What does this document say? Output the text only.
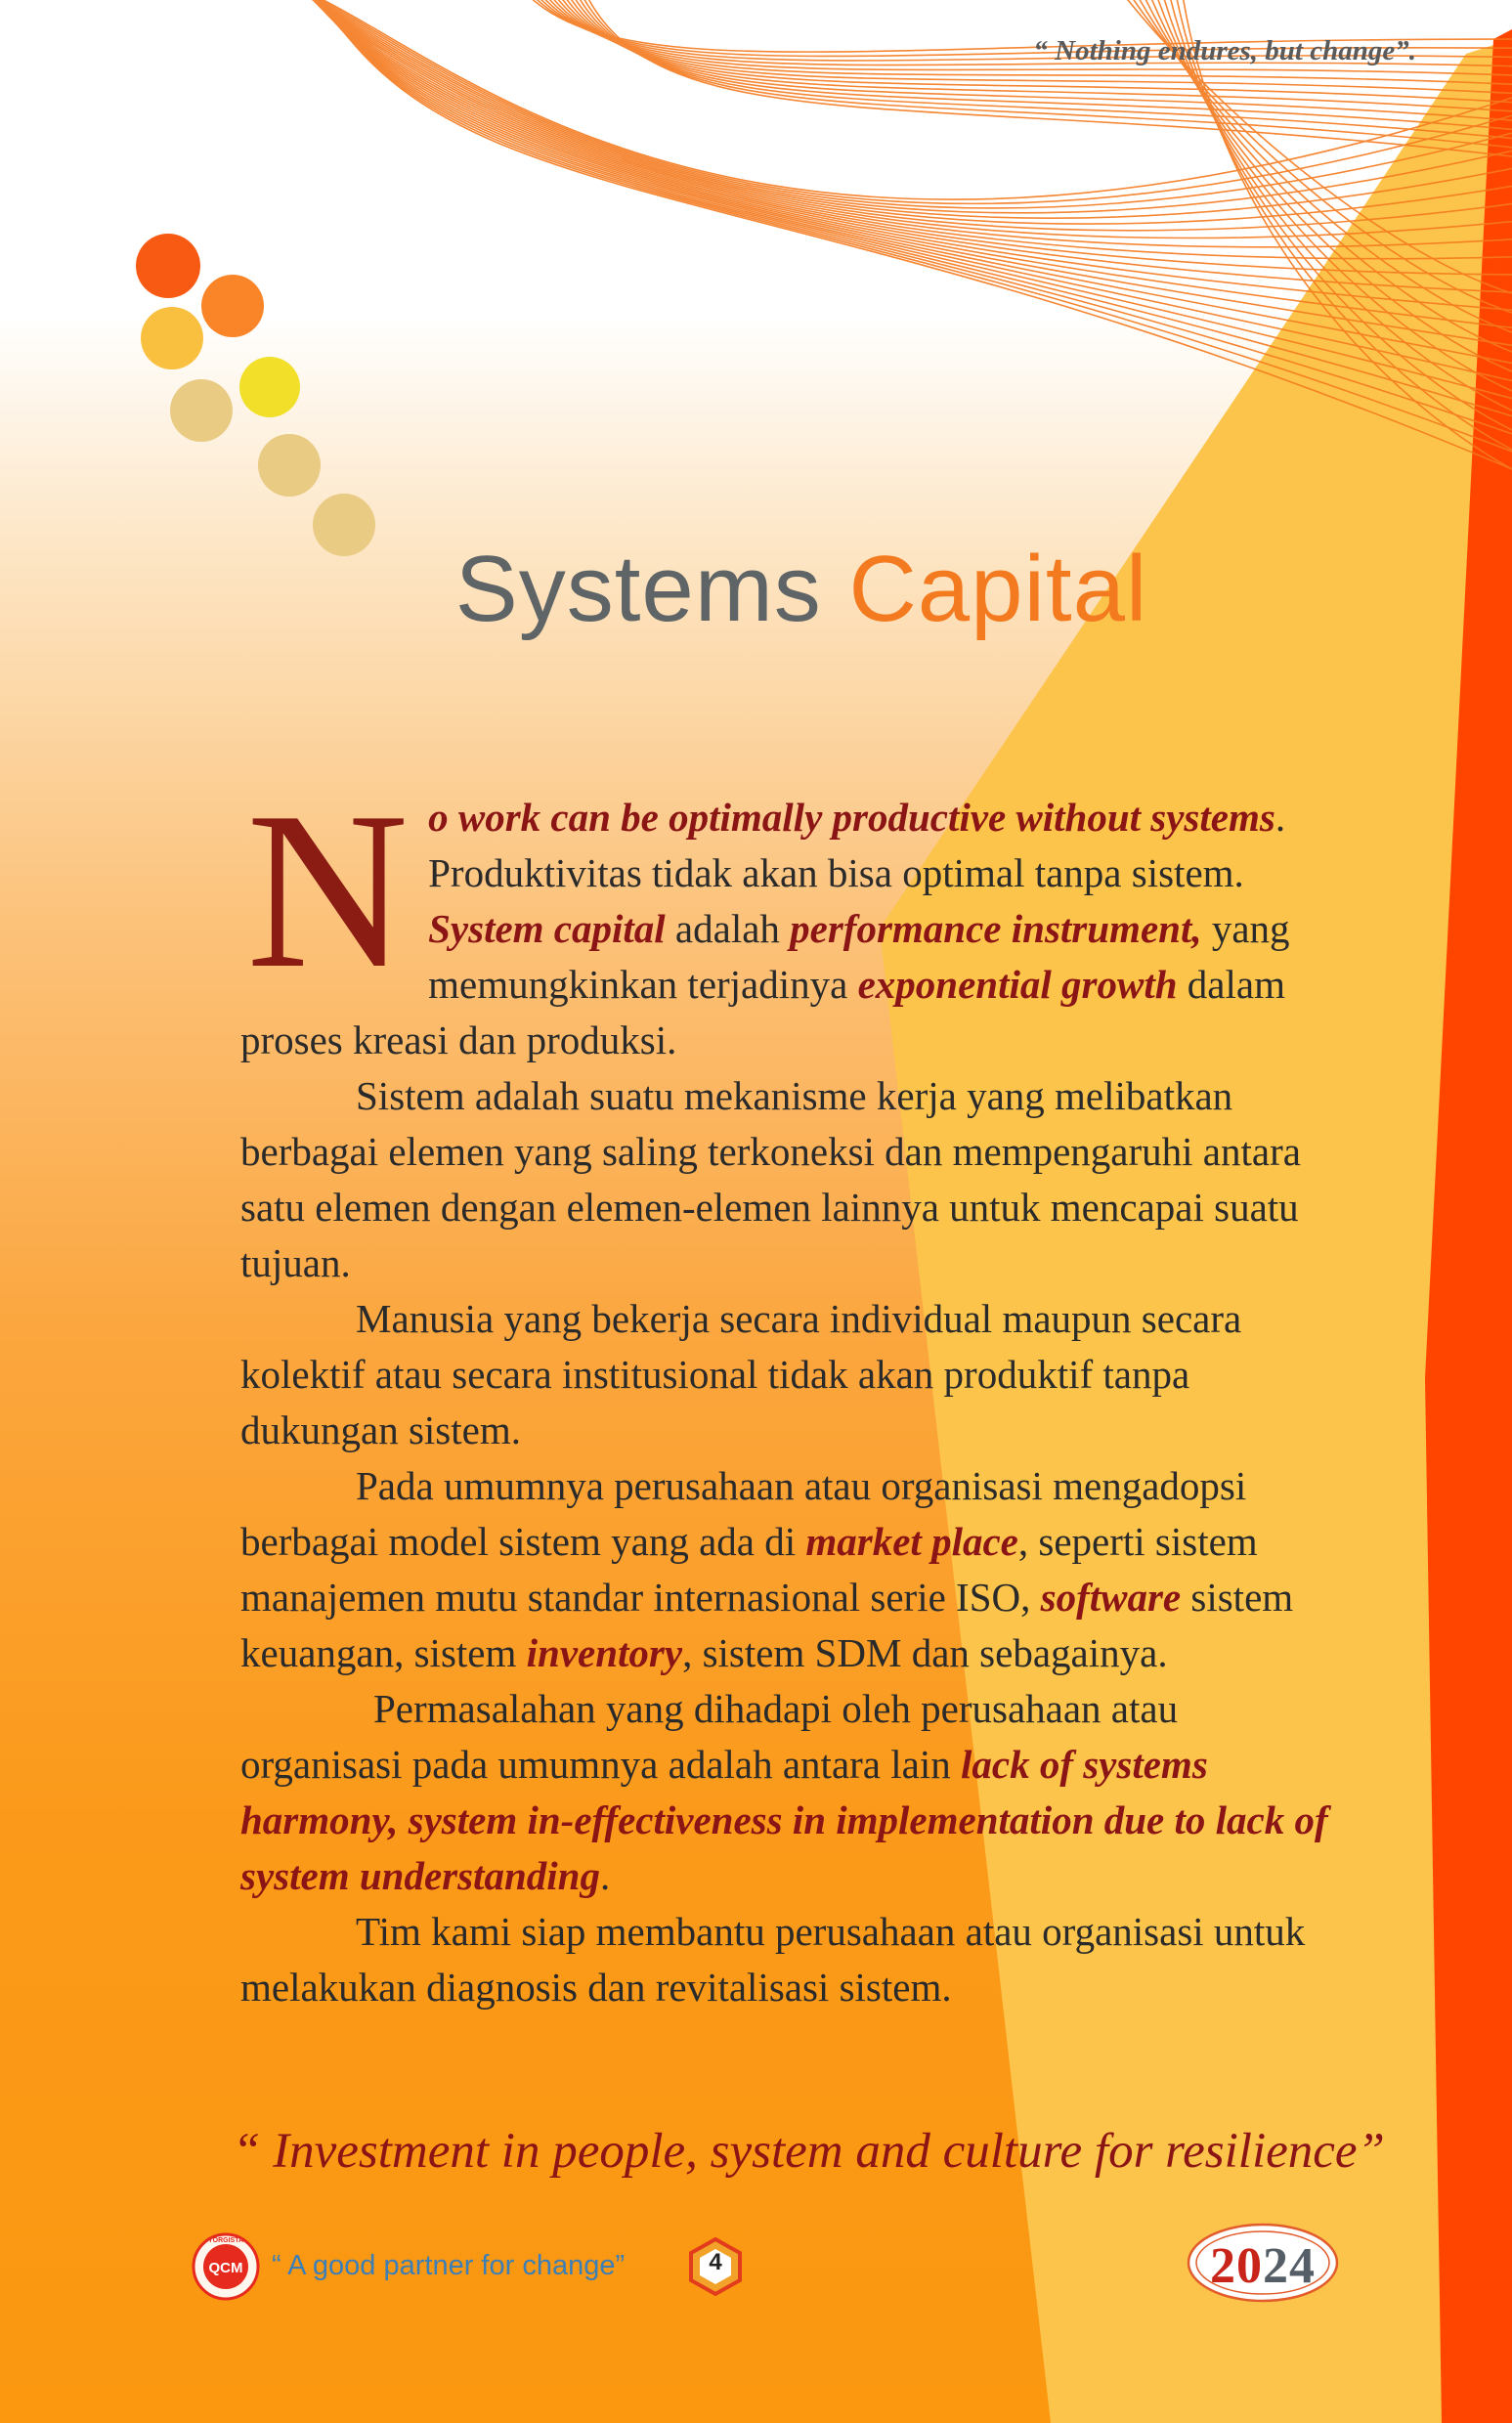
“ Nothing endures, but change”.
Systems Capital

No work can be optimally productive without systems. Produktivitas tidak akan bisa optimal tanpa sistem. System capital adalah performance instrument, yang memungkinkan terjadinya exponential growth dalam proses kreasi dan produksi.

Sistem adalah suatu mekanisme kerja yang melibatkan berbagai elemen yang saling terkoneksi dan mempengaruhi antara satu elemen dengan elemen-elemen lainnya untuk mencapai suatu tujuan.

Manusia yang bekerja secara individual maupun secara kolektif atau secara institusional tidak akan produktif tanpa dukungan sistem.

Pada umumnya perusahaan atau organisasi mengadopsi berbagai model sistem yang ada di market place, seperti sistem manajemen mutu standar internasional serie ISO, software sistem keuangan, sistem inventory, sistem SDM dan sebagainya.

Permasalahan yang dihadapi oleh perusahaan atau organisasi pada umumnya adalah antara lain lack of systems harmony, system in-effectiveness in implementation due to lack of system understanding.

Tim kami siap membantu perusahaan atau organisasi untuk melakukan diagnosis dan revitalisasi sistem.

“ Investment in people, system and culture for resilience”
QCM
YORGISTA
“ A good partner for change”	4	2024
